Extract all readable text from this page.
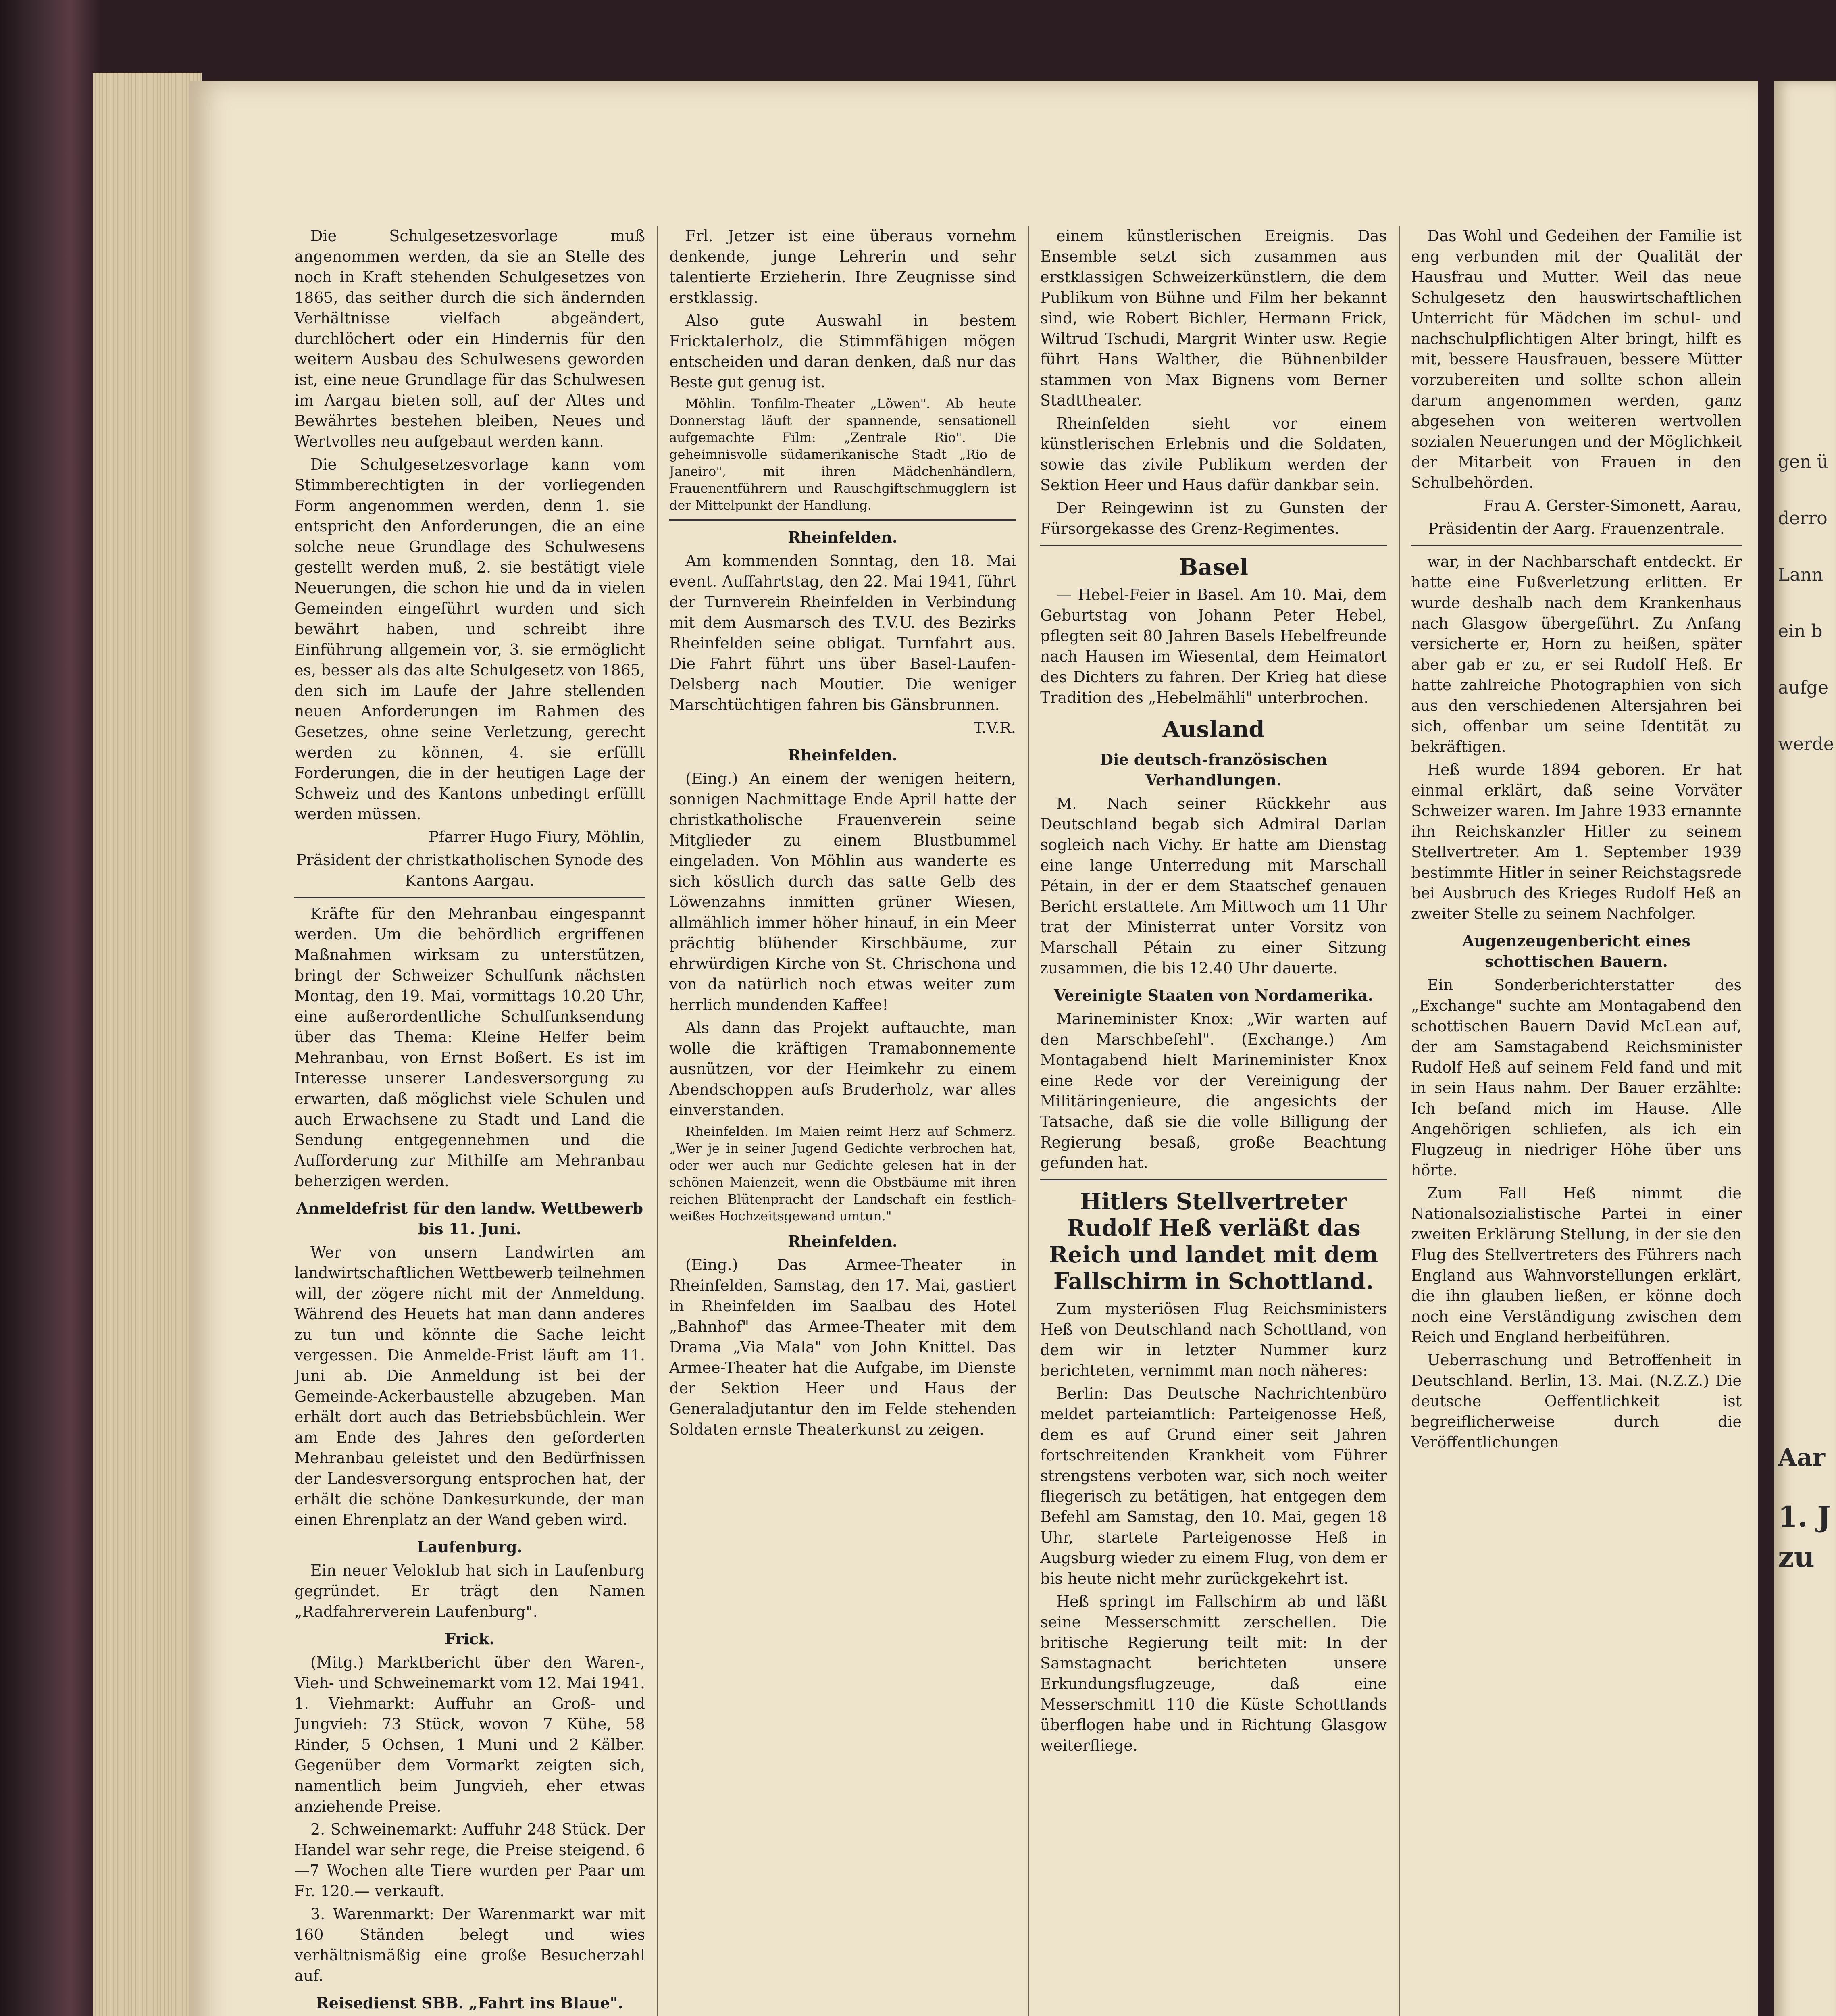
Die Schulgesetzesvorlage muß angenommen werden, da sie an Stelle des noch in Kraft stehenden Schulgesetzes von 1865, das seither durch die sich ändernden Verhältnisse vielfach abgeändert, durchlöchert oder ein Hindernis für den weitern Ausbau des Schulwesens geworden ist, eine neue Grundlage für das Schulwesen im Aargau bieten soll, auf der Altes und Bewährtes bestehen bleiben, Neues und Wertvolles neu aufgebaut werden kann.

Die Schulgesetzesvorlage kann vom Stimmberechtigten in der vorliegenden Form angenommen werden, denn 1. sie entspricht den Anforderungen, die an eine solche neue Grundlage des Schulwesens gestellt werden muß, 2. sie bestätigt viele Neuerungen, die schon hie und da in vielen Gemeinden eingeführt wurden und sich bewährt haben, und schreibt ihre Einführung allgemein vor, 3. sie ermöglicht es, besser als das alte Schulgesetz von 1865, den sich im Laufe der Jahre stellenden neuen Anforderungen im Rahmen des Gesetzes, ohne seine Verletzung, gerecht werden zu können, 4. sie erfüllt Forderungen, die in der heutigen Lage der Schweiz und des Kantons unbedingt erfüllt werden müssen.

Pfarrer Hugo Fiury, Möhlin,

Präsident der christkatholischen Synode des Kantons Aargau.

Kräfte für den Mehranbau eingespannt werden. Um die behördlich ergriffenen Maßnahmen wirksam zu unterstützen, bringt der Schweizer Schulfunk nächsten Montag, den 19. Mai, vormittags 10.20 Uhr, eine außerordentliche Schulfunksendung über das Thema: Kleine Helfer beim Mehranbau, von Ernst Boßert. Es ist im Interesse unserer Landesversorgung zu erwarten, daß möglichst viele Schulen und auch Erwachsene zu Stadt und Land die Sendung entgegennehmen und die Aufforderung zur Mithilfe am Mehranbau beherzigen werden.

Anmeldefrist für den landw. Wettbewerb bis 11. Juni.

Wer von unsern Landwirten am landwirtschaftlichen Wettbewerb teilnehmen will, der zögere nicht mit der Anmeldung. Während des Heuets hat man dann anderes zu tun und könnte die Sache leicht vergessen. Die Anmelde-Frist läuft am 11. Juni ab. Die Anmeldung ist bei der Gemeinde-Ackerbaustelle abzugeben. Man erhält dort auch das Betriebsbüchlein. Wer am Ende des Jahres den geforderten Mehranbau geleistet und den Bedürfnissen der Landesversorgung entsprochen hat, der erhält die schöne Dankesurkunde, der man einen Ehrenplatz an der Wand geben wird.

Laufenburg.

Ein neuer Veloklub hat sich in Laufenburg gegründet. Er trägt den Namen „Radfahrerverein Laufenburg".

Frick.

(Mitg.) Marktbericht über den Waren-, Vieh- und Schweinemarkt vom 12. Mai 1941. 1. Viehmarkt: Auffuhr an Groß- und Jungvieh: 73 Stück, wovon 7 Kühe, 58 Rinder, 5 Ochsen, 1 Muni und 2 Kälber. Gegenüber dem Vormarkt zeigten sich, namentlich beim Jungvieh, eher etwas anziehende Preise.

2. Schweinemarkt: Auffuhr 248 Stück. Der Handel war sehr rege, die Preise steigend. 6—7 Wochen alte Tiere wurden per Paar um Fr. 120.— verkauft.

3. Warenmarkt: Der Warenmarkt war mit 160 Ständen belegt und wies verhältnismäßig eine große Besucherzahl auf.

Reisedienst SBB. „Fahrt ins Blaue".

Frl. Jetzer ist eine überaus vornehm denkende, junge Lehrerin und sehr talentierte Erzieherin. Ihre Zeugnisse sind erstklassig.

Also gute Auswahl in bestem Fricktalerholz, die Stimmfähigen mögen entscheiden und daran denken, daß nur das Beste gut genug ist.

Möhlin. Tonfilm-Theater „Löwen". Ab heute Donnerstag läuft der spannende, sensationell aufgemachte Film: „Zentrale Rio". Die geheimnisvolle südamerikanische Stadt „Rio de Janeiro", mit ihren Mädchenhändlern, Frauenentführern und Rauschgiftschmugglern ist der Mittelpunkt der Handlung.

Rheinfelden.

Am kommenden Sonntag, den 18. Mai event. Auffahrtstag, den 22. Mai 1941, führt der Turnverein Rheinfelden in Verbindung mit dem Ausmarsch des T.V.U. des Bezirks Rheinfelden seine obligat. Turnfahrt aus. Die Fahrt führt uns über Basel-Laufen-Delsberg nach Moutier. Die weniger Marschtüchtigen fahren bis Gänsbrunnen.

T.V.R.

Rheinfelden.

(Eing.) An einem der wenigen heitern, sonnigen Nachmittage Ende April hatte der christkatholische Frauenverein seine Mitglieder zu einem Blustbummel eingeladen. Von Möhlin aus wanderte es sich köstlich durch das satte Gelb des Löwenzahns inmitten grüner Wiesen, allmählich immer höher hinauf, in ein Meer prächtig blühender Kirschbäume, zur ehrwürdigen Kirche von St. Chrischona und von da natürlich noch etwas weiter zum herrlich mundenden Kaffee!

Als dann das Projekt auftauchte, man wolle die kräftigen Tramabonnemente ausnützen, vor der Heimkehr zu einem Abendschoppen aufs Bruderholz, war alles einverstanden.

Rheinfelden. Im Maien reimt Herz auf Schmerz. „Wer je in seiner Jugend Gedichte verbrochen hat, oder wer auch nur Gedichte gelesen hat in der schönen Maienzeit, wenn die Obstbäume mit ihren reichen Blütenpracht der Landschaft ein festlich-weißes Hochzeitsgewand umtun."

Rheinfelden.

(Eing.) Das Armee-Theater in Rheinfelden, Samstag, den 17. Mai, gastiert in Rheinfelden im Saalbau des Hotel „Bahnhof" das Armee-Theater mit dem Drama „Via Mala" von John Knittel. Das Armee-Theater hat die Aufgabe, im Dienste der Sektion Heer und Haus der Generaladjutantur den im Felde stehenden Soldaten ernste Theaterkunst zu zeigen.

einem künstlerischen Ereignis. Das Ensemble setzt sich zusammen aus erstklassigen Schweizerkünstlern, die dem Publikum von Bühne und Film her bekannt sind, wie Robert Bichler, Hermann Frick, Wiltrud Tschudi, Margrit Winter usw. Regie führt Hans Walther, die Bühnenbilder stammen von Max Bignens vom Berner Stadttheater.

Rheinfelden sieht vor einem künstlerischen Erlebnis und die Soldaten, sowie das zivile Publikum werden der Sektion Heer und Haus dafür dankbar sein.

Der Reingewinn ist zu Gunsten der Fürsorgekasse des Grenz-Regimentes.

Basel

— Hebel-Feier in Basel. Am 10. Mai, dem Geburtstag von Johann Peter Hebel, pflegten seit 80 Jahren Basels Hebelfreunde nach Hausen im Wiesental, dem Heimatort des Dichters zu fahren. Der Krieg hat diese Tradition des „Hebelmähli" unterbrochen.

Ausland

Die deutsch-französischen Verhandlungen.

M. Nach seiner Rückkehr aus Deutschland begab sich Admiral Darlan sogleich nach Vichy. Er hatte am Dienstag eine lange Unterredung mit Marschall Pétain, in der er dem Staatschef genauen Bericht erstattete. Am Mittwoch um 11 Uhr trat der Ministerrat unter Vorsitz von Marschall Pétain zu einer Sitzung zusammen, die bis 12.40 Uhr dauerte.

Vereinigte Staaten von Nordamerika.

Marineminister Knox: „Wir warten auf den Marschbefehl". (Exchange.) Am Montagabend hielt Marineminister Knox eine Rede vor der Vereinigung der Militäringenieure, die angesichts der Tatsache, daß sie die volle Billigung der Regierung besaß, große Beachtung gefunden hat.

Hitlers Stellvertreter Rudolf Heß verläßt das Reich und landet mit dem Fallschirm in Schottland.

Zum mysteriösen Flug Reichsministers Heß von Deutschland nach Schottland, von dem wir in letzter Nummer kurz berichteten, vernimmt man noch näheres:

Berlin: Das Deutsche Nachrichtenbüro meldet parteiamtlich: Parteigenosse Heß, dem es auf Grund einer seit Jahren fortschreitenden Krankheit vom Führer strengstens verboten war, sich noch weiter fliegerisch zu betätigen, hat entgegen dem Befehl am Samstag, den 10. Mai, gegen 18 Uhr, startete Parteigenosse Heß in Augsburg wieder zu einem Flug, von dem er bis heute nicht mehr zurückgekehrt ist.

Heß springt im Fallschirm ab und läßt seine Messerschmitt zerschellen. Die britische Regierung teilt mit: In der Samstagnacht berichteten unsere Erkundungsflugzeuge, daß eine Messerschmitt 110 die Küste Schottlands überflogen habe und in Richtung Glasgow weiterfliege.

Das Wohl und Gedeihen der Familie ist eng verbunden mit der Qualität der Hausfrau und Mutter. Weil das neue Schulgesetz den hauswirtschaftlichen Unterricht für Mädchen im schul- und nachschulpflichtigen Alter bringt, hilft es mit, bessere Hausfrauen, bessere Mütter vorzubereiten und sollte schon allein darum angenommen werden, ganz abgesehen von weiteren wertvollen sozialen Neuerungen und der Möglichkeit der Mitarbeit von Frauen in den Schulbehörden.

Frau A. Gerster-Simonett, Aarau,

Präsidentin der Aarg. Frauenzentrale.

war, in der Nachbarschaft entdeckt. Er hatte eine Fußverletzung erlitten. Er wurde deshalb nach dem Krankenhaus nach Glasgow übergeführt. Zu Anfang versicherte er, Horn zu heißen, später aber gab er zu, er sei Rudolf Heß. Er hatte zahlreiche Photographien von sich aus den verschiedenen Altersjahren bei sich, offenbar um seine Identität zu bekräftigen.

Heß wurde 1894 geboren. Er hat einmal erklärt, daß seine Vorväter Schweizer waren. Im Jahre 1933 ernannte ihn Reichskanzler Hitler zu seinem Stellvertreter. Am 1. September 1939 bestimmte Hitler in seiner Reichstagsrede bei Ausbruch des Krieges Rudolf Heß an zweiter Stelle zu seinem Nachfolger.

Augenzeugenbericht eines schottischen Bauern.

Ein Sonderberichterstatter des „Exchange" suchte am Montagabend den schottischen Bauern David McLean auf, der am Samstagabend Reichsminister Rudolf Heß auf seinem Feld fand und mit in sein Haus nahm. Der Bauer erzählte: Ich befand mich im Hause. Alle Angehörigen schliefen, als ich ein Flugzeug in niedriger Höhe über uns hörte.

Zum Fall Heß nimmt die Nationalsozialistische Partei in einer zweiten Erklärung Stellung, in der sie den Flug des Stellvertreters des Führers nach England aus Wahnvorstellungen erklärt, die ihn glauben ließen, er könne doch noch eine Verständigung zwischen dem Reich und England herbeiführen.

Ueberraschung und Betroffenheit in Deutschland. Berlin, 13. Mai. (N.Z.Z.) Die deutsche Oeffentlichkeit ist begreiflicherweise durch die Veröffentlichungen

gen ü
derro
Lann
ein b
aufge
werde
Aar
1. J
zu
